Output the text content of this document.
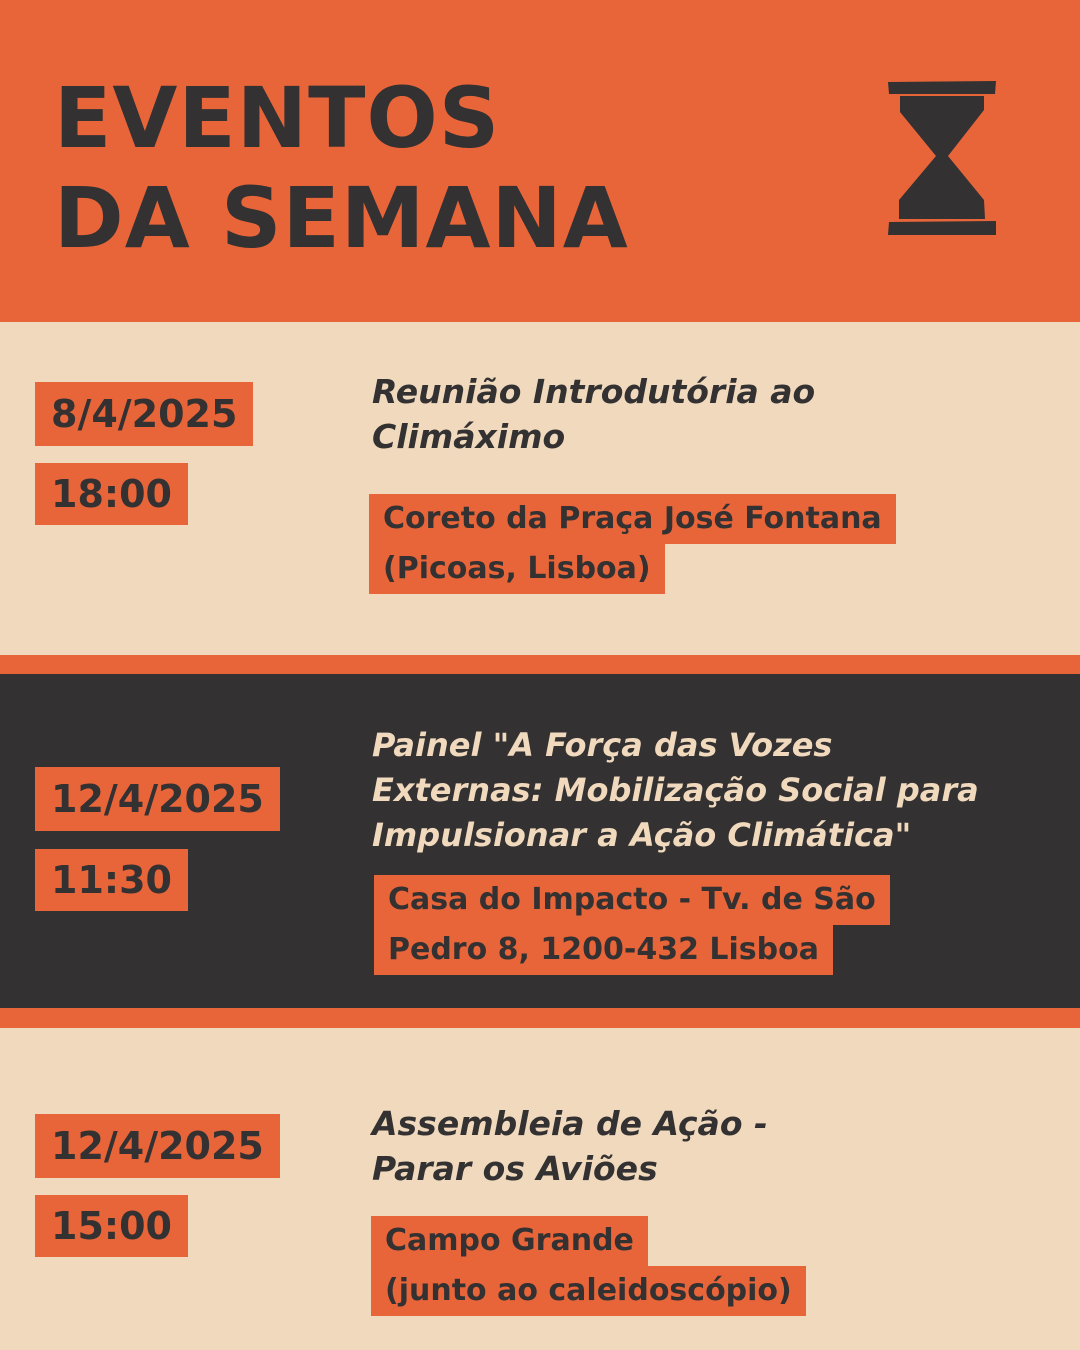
EVENTOS
DA SEMANA
8/4/2025
18:00
Reunião Introdutória ao
Climáximo
Coreto da Praça José Fontana
(Picoas, Lisboa)
12/4/2025
11:30
Painel "A Força das Vozes
Externas: Mobilização Social para
Impulsionar a Ação Climática"
Casa do Impacto - Tv. de São
Pedro 8, 1200-432 Lisboa
12/4/2025
15:00
Assembleia de Ação -
Parar os Aviões
Campo Grande
(junto ao caleidoscópio)
